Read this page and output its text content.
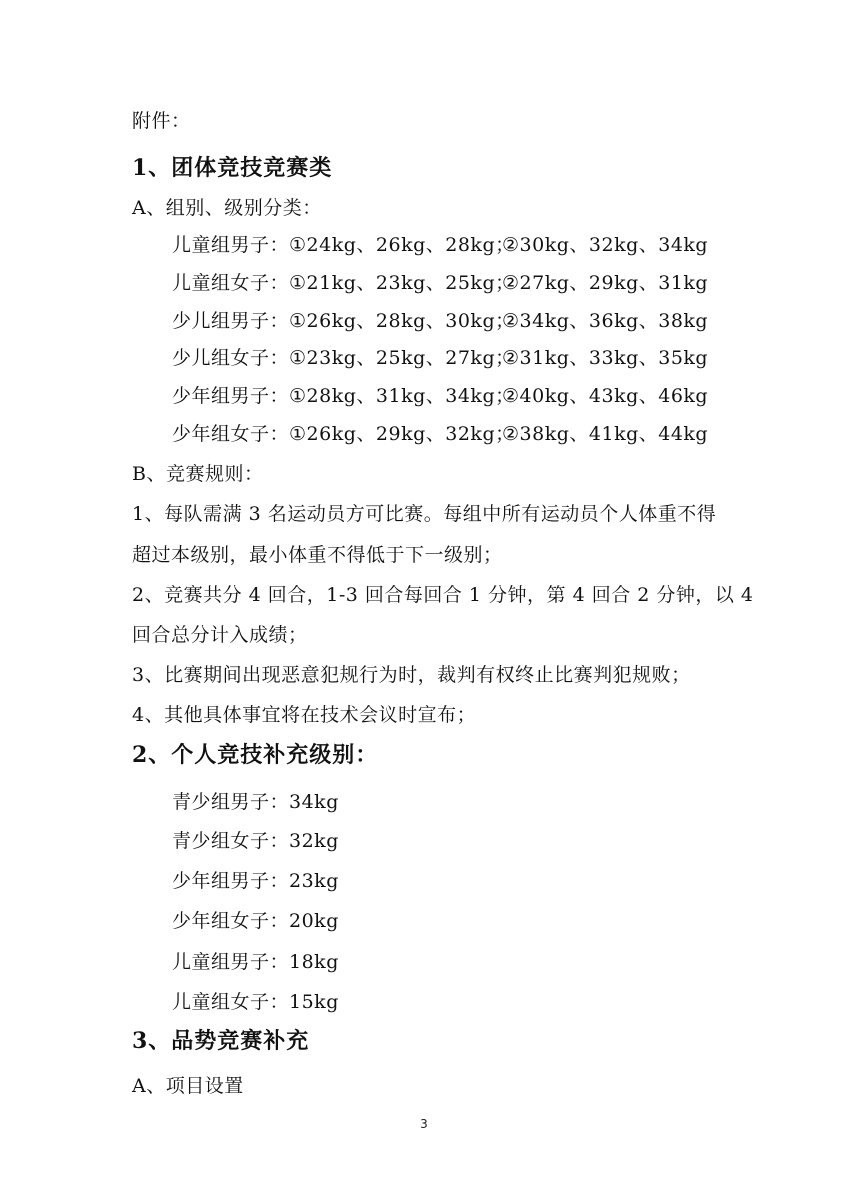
附件：
1、团体竞技竞赛类
A、组别、级别分类：
儿童组男子：①24kg、26kg、28kg；
②30kg、32kg、34kg
儿童组女子：①21kg、23kg、25kg；
②27kg、29kg、31kg
少儿组男子：①26kg、28kg、30kg；
②34kg、36kg、38kg
少儿组女子：①23kg、25kg、27kg；
②31kg、33kg、35kg
少年组男子：①28kg、31kg、34kg；
②40kg、43kg、46kg
少年组女子：①26kg、29kg、32kg；
②38kg、41kg、44kg
B、竞赛规则：
1、每队需满 3 名运动员方可比赛。每组中所有运动员个人体重不得
超过本级别，最小体重不得低于下一级别；
2、竞赛共分 4 回合，1-3 回合每回合 1 分钟，第 4 回合 2 分钟，以 4
回合总分计入成绩；
3、比赛期间出现恶意犯规行为时，裁判有权终止比赛判犯规败；
4、其他具体事宜将在技术会议时宣布；
2、个人竞技补充级别：
青少组男子：34kg
青少组女子：32kg
少年组男子：23kg
少年组女子：20kg
儿童组男子：18kg
儿童组女子：15kg
3、品势竞赛补充
A、项目设置
3
